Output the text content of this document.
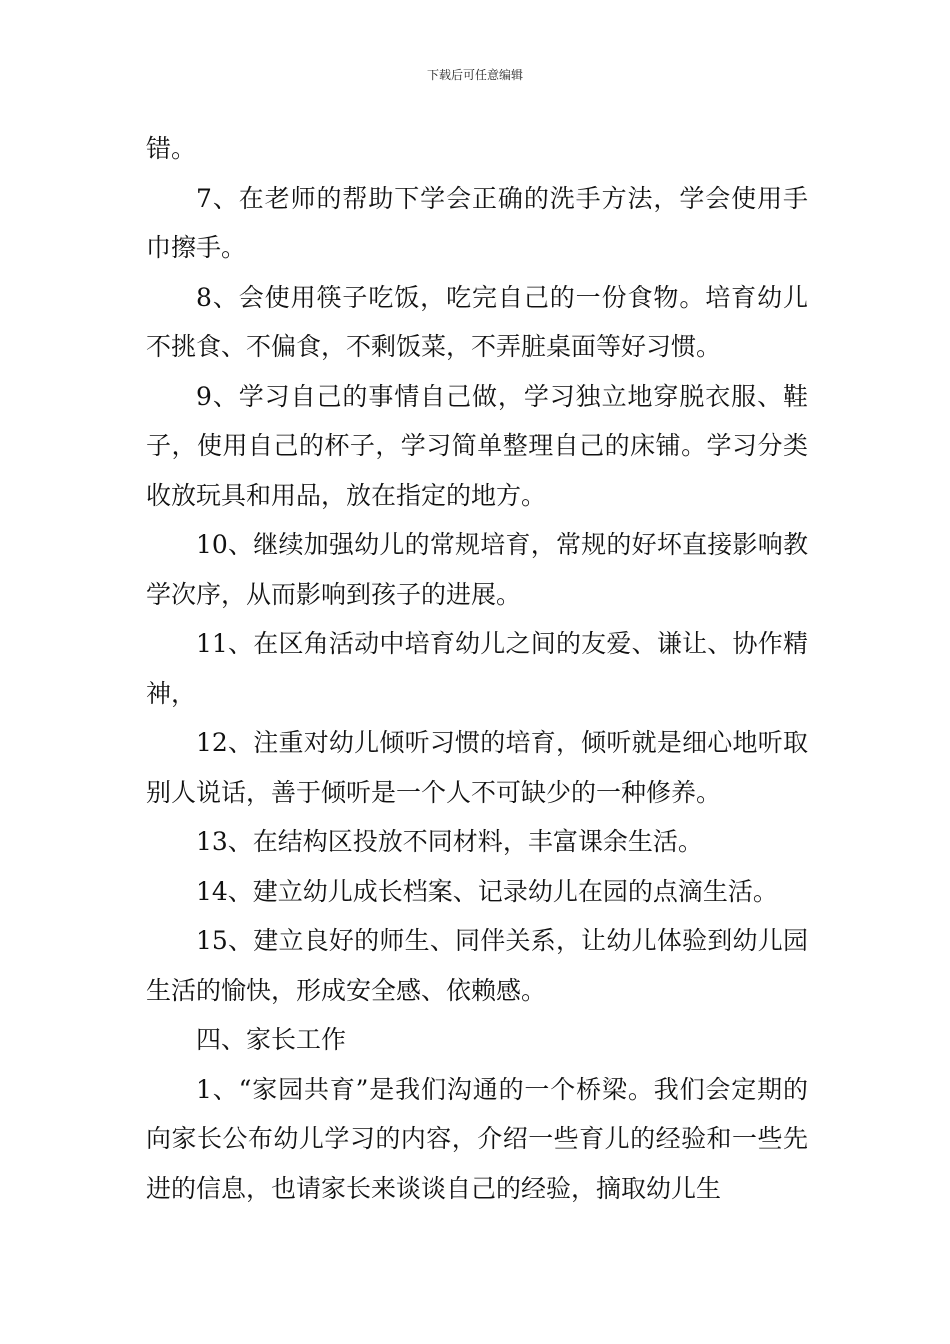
下载后可任意编辑

错。

7、在老师的帮助下学会正确的洗手方法，学会使用手巾擦手。

8、会使用筷子吃饭，吃完自己的一份食物。培育幼儿不挑食、不偏食，不剩饭菜，不弄脏桌面等好习惯。

9、学习自己的事情自己做，学习独立地穿脱衣服、鞋子，使用自己的杯子，学习简单整理自己的床铺。学习分类收放玩具和用品，放在指定的地方。

10、继续加强幼儿的常规培育，常规的好坏直接影响教学次序，从而影响到孩子的进展。

11、在区角活动中培育幼儿之间的友爱、谦让、协作精神，

12、注重对幼儿倾听习惯的培育，倾听就是细心地听取别人说话，善于倾听是一个人不可缺少的一种修养。

13、在结构区投放不同材料，丰富课余生活。

14、建立幼儿成长档案、记录幼儿在园的点滴生活。

15、建立良好的师生、同伴关系，让幼儿体验到幼儿园生活的愉快，形成安全感、依赖感。

四、家长工作

1、“家园共育”是我们沟通的一个桥梁。我们会定期的向家长公布幼儿学习的内容，介绍一些育儿的经验和一些先进的信息，也请家长来谈谈自己的经验，摘取幼儿生
